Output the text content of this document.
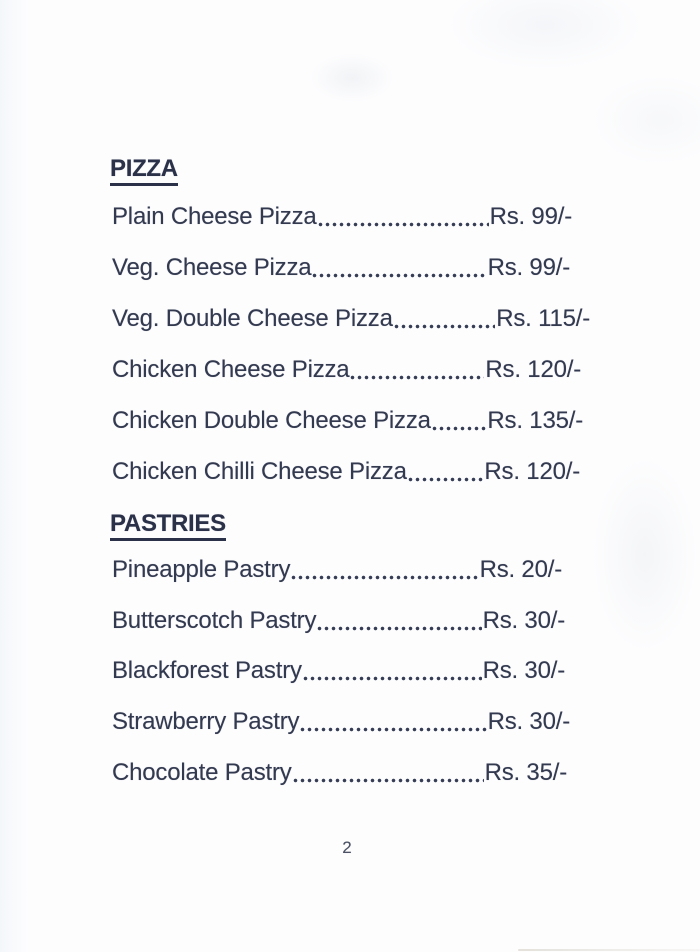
PIZZA
Plain Cheese Pizza	Rs. 99/-
Veg. Cheese Pizza	Rs. 99/-
Veg. Double Cheese Pizza	Rs. 115/-
Chicken Cheese Pizza	Rs. 120/-
Chicken Double Cheese Pizza Rs. 135/-
Chicken Chilli Cheese Pizza	Rs. 120/-
PASTRIES
Pineapple Pastry	Rs. 20/-
Butterscotch Pastry	Rs. 30/-
Blackforest Pastry	Rs. 30/-
Strawberry Pastry	Rs. 30/-
Chocolate Pastry	Rs. 35/-
2
